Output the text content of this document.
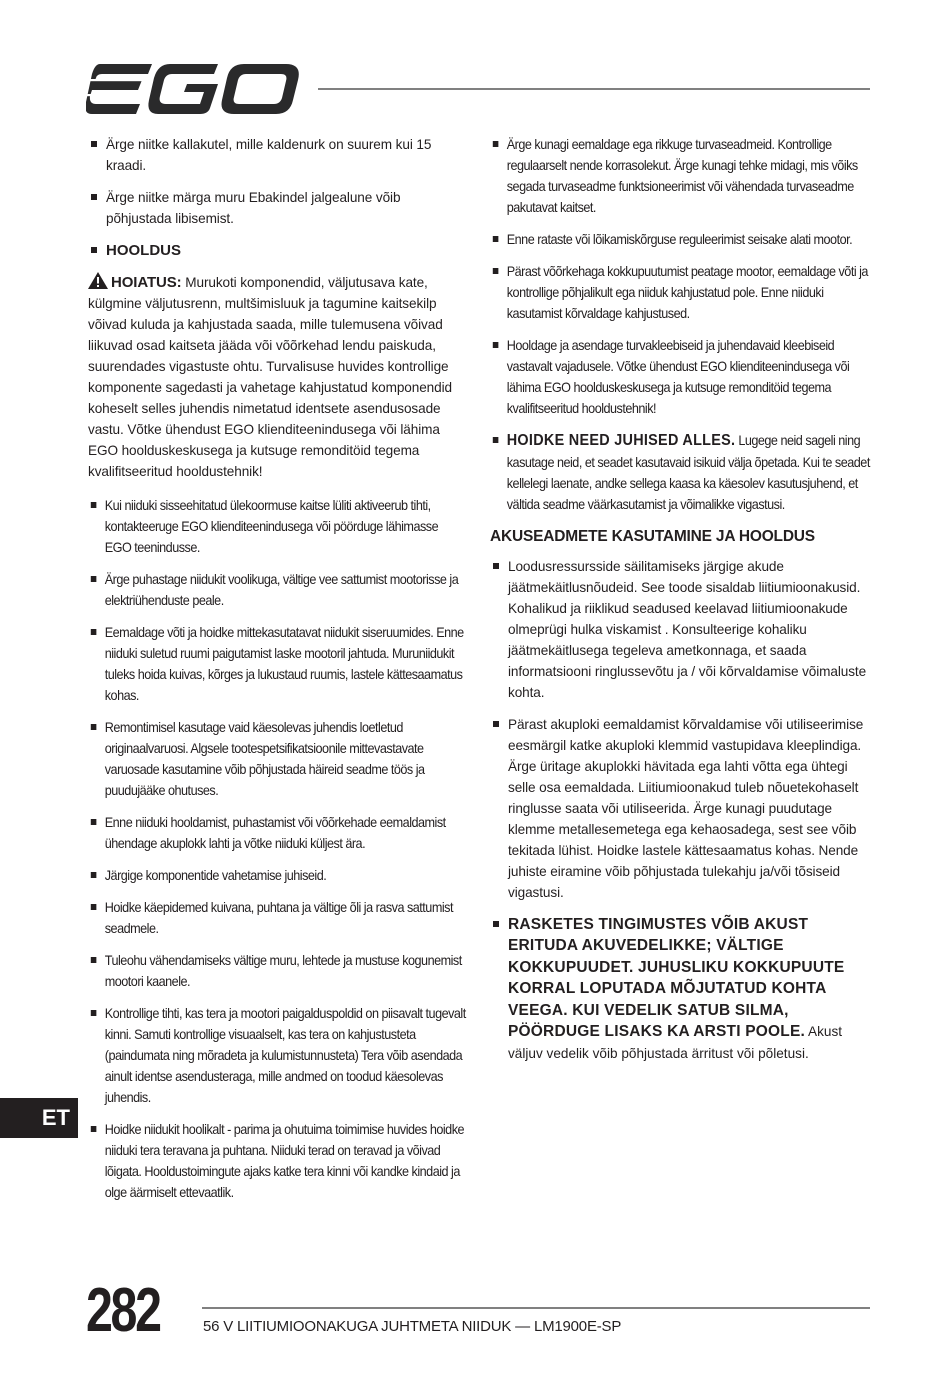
Ärge niitke kallakutel, mille kaldenurk on suurem kui 15 kraadi.
Ärge niitke märga muru Ebakindel jalgealune võib põhjustada libisemist.
HOOLDUS
HOIATUS: Murukoti komponendid, väljutusava kate, külgmine väljutusrenn, multšimisluuk ja tagumine kaitsekilp võivad kuluda ja kahjustada saada, mille tulemusena võivad liikuvad osad kaitseta jääda või võõrkehad lendu paiskuda, suurendades vigastuste ohtu. Turvalisuse huvides kontrollige komponente sagedasti ja vahetage kahjustatud komponendid koheselt selles juhendis nimetatud identsete asendusosade vastu. Võtke ühendust EGO klienditeenindusega või lähima EGO hoolduskeskusega ja kutsuge remonditöid tegema kvalifitseeritud hooldustehnik!
Kui niiduki sisseehitatud ülekoormuse kaitse lüliti aktiveerub tihti, kontakteeruge EGO klienditeenindusega või pöörduge lähimasse EGO teenindusse.
Ärge puhastage niidukit voolikuga, vältige vee sattumist mootorisse ja elektriühenduste peale.
Eemaldage võti ja hoidke mittekasutatavat niidukit siseruumides. Enne niiduki suletud ruumi paigutamist laske mootoril jahtuda. Muruniidukit tuleks hoida kuivas, kõrges ja lukustaud ruumis, lastele kättesaamatus kohas.
Remontimisel kasutage vaid käesolevas juhendis loetletud originaalvaruosi. Algsele tootespetsifikatsioonile mittevastavate varuosade kasutamine võib põhjustada häireid seadme töös ja puudujääke ohutuses.
Enne niiduki hooldamist, puhastamist või võõrkehade eemaldamist ühendage akuplokk lahti ja võtke niiduki küljest ära.
Järgige komponentide vahetamise juhiseid.
Hoidke käepidemed kuivana, puhtana ja vältige õli ja rasva sattumist seadmele.
Tuleohu vähendamiseks vältige muru, lehtede ja mustuse kogunemist mootori kaanele.
Kontrollige tihti, kas tera ja mootori paigalduspoldid on piisavalt tugevalt kinni. Samuti kontrollige visuaalselt, kas tera on kahjustusteta (paindumata ning mõradeta ja kulumistunnusteta) Tera võib asendada ainult identse asendusteraga, mille andmed on toodud käesolevas juhendis.
Hoidke niidukit hoolikalt - parima ja ohutuima toimimise huvides hoidke niiduki tera teravana ja puhtana. Niiduki terad on teravad ja võivad lõigata. Hooldustoimingute ajaks katke tera kinni või kandke kindaid ja olge äärmiselt ettevaatlik.
Ärge kunagi eemaldage ega rikkuge turvaseadmeid. Kontrollige regulaarselt nende korrasolekut. Ärge kunagi tehke midagi, mis võiks segada turvaseadme funktsioneerimist või vähendada turvaseadme pakutavat kaitset.
Enne rataste või lõikamiskõrguse reguleerimist seisake alati mootor.
Pärast võõrkehaga kokkupuutumist peatage mootor, eemaldage võti ja kontrollige põhjalikult ega niiduk kahjustatud pole. Enne niiduki kasutamist kõrvaldage kahjustused.
Hooldage ja asendage turvakleebiseid ja juhendavaid kleebiseid vastavalt vajadusele. Võtke ühendust EGO klienditeenindusega või lähima EGO hoolduskeskusega ja kutsuge remonditöid tegema kvalifitseeritud hooldustehnik!
HOIDKE NEED JUHISED ALLES. Lugege neid sageli ning kasutage neid, et seadet kasutavaid isikuid välja õpetada. Kui te seadet kellelegi laenate, andke sellega kaasa ka käesolev kasutusjuhend, et vältida seadme väärkasutamist ja võimalikke vigastusi.
AKUSEADMETE KASUTAMINE JA HOOLDUS
Loodusressursside säilitamiseks järgige akude jäätmekäitlusnõudeid. See toode sisaldab liitiumioonakusid. Kohalikud ja riiklikud seadused keelavad liitiumioonakude olmeprügi hulka viskamist . Konsulteerige kohaliku jäätmekäitlusega tegeleva ametkonnaga, et saada informatsiooni ringlussevõtu ja / või kõrvaldamise võimaluste kohta.
Pärast akuploki eemaldamist kõrvaldamise või utiliseerimise eesmärgil katke akuploki klemmid vastupidava kleeplindiga. Ärge üritage akuplokki hävitada ega lahti võtta ega ühtegi selle osa eemaldada. Liitiumioonakud tuleb nõuetekohaselt ringlusse saata või utiliseerida. Ärge kunagi puudutage klemme metallesemetega ega kehaosadega, sest see võib tekitada lühist. Hoidke lastele kättesaamatus kohas. Nende juhiste eiramine võib põhjustada tulekahju ja/või tõsiseid vigastusi.
RASKETES TINGIMUSTES VÕIB AKUST ERITUDA AKUVEDELIKKE; VÄLTIGE KOKKUPUUDET. JUHUSLIKU KOKKUPUUTE KORRAL LOPUTADA MÕJUTATUD KOHTA VEEGA. KUI VEDELIK SATUB SILMA, PÖÖRDUGE LISAKS KA ARSTI POOLE. Akust väljuv vedelik võib põhjustada ärritust või põletusi.
ET
282	56 V LIITIUMIOONAKUGA JUHTMETA NIIDUK — LM1900E-SP
